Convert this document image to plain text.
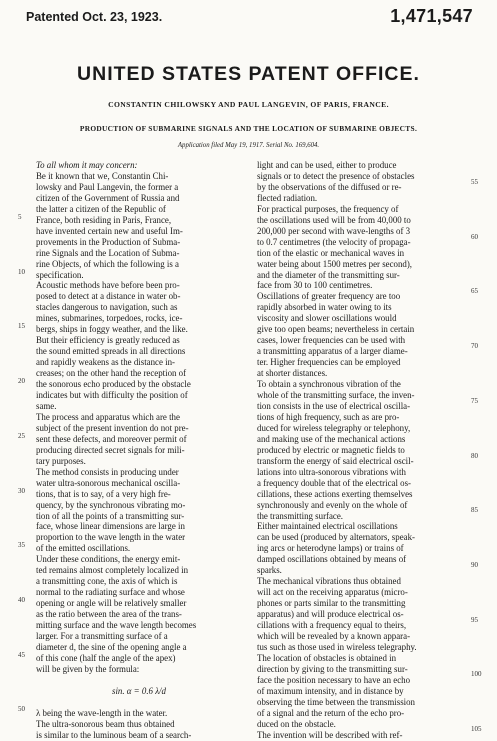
Patented Oct. 23, 1923.	1,471,547
UNITED STATES PATENT OFFICE.
CONSTANTIN CHILOWSKY AND PAUL LANGEVIN, OF PARIS, FRANCE.
PRODUCTION OF SUBMARINE SIGNALS AND THE LOCATION OF SUBMARINE OBJECTS.
Application filed May 19, 1917. Serial No. 169,604.

To all whom it may concern:

Be it known that we, Constantin Chi-

lowsky and Paul Langevin, the former a

citizen of the Government of Russia and

the latter a citizen of the Republic of

France, both residing in Paris, France,

have invented certain new and useful Im-

provements in the Production of Subma-

rine Signals and the Location of Subma-

rine Objects, of which the following is a

specification.

Acoustic methods have before been pro-

posed to detect at a distance in water ob-

stacles dangerous to navigation, such as

mines, submarines, torpedoes, rocks, ice-

bergs, ships in foggy weather, and the like.

But their efficiency is greatly reduced as

the sound emitted spreads in all directions

and rapidly weakens as the distance in-

creases; on the other hand the reception of

the sonorous echo produced by the obstacle

indicates but with difficulty the position of

same.

The process and apparatus which are the

subject of the present invention do not pre-

sent these defects, and moreover permit of

producing directed secret signals for mili-

tary purposes.

The method consists in producing under

water ultra-sonorous mechanical oscilla-

tions, that is to say, of a very high fre-

quency, by the synchronous vibrating mo-

tion of all the points of a transmitting sur-

face, whose linear dimensions are large in

proportion to the wave length in the water

of the emitted oscillations.

Under these conditions, the energy emit-

ted remains almost completely localized in

a transmitting cone, the axis of which is

normal to the radiating surface and whose

opening or angle will be relatively smaller

as the ratio between the area of the trans-

mitting surface and the wave length becomes

larger. For a transmitting surface of a

diameter d, the sine of the opening angle a

of this cone (half the angle of the apex)

will be given by the formula:

sin. α = 0.6 λ/d

λ being the wave-length in the water.

The ultra-sonorous beam thus obtained

is similar to the luminous beam of a search-

light and can be used, either to produce

signals or to detect the presence of obstacles

by the observations of the diffused or re-

flected radiation.

For practical purposes, the frequency of

the oscillations used will be from 40,000 to

200,000 per second with wave-lengths of 3

to 0.7 centimetres (the velocity of propaga-

tion of the elastic or mechanical waves in

water being about 1500 metres per second),

and the diameter of the transmitting sur-

face from 30 to 100 centimetres.

Oscillations of greater frequency are too

rapidly absorbed in water owing to its

viscosity and slower oscillations would

give too open beams; nevertheless in certain

cases, lower frequencies can be used with

a transmitting apparatus of a larger diame-

ter. Higher frequencies can be employed

at shorter distances.

To obtain a synchronous vibration of the

whole of the transmitting surface, the inven-

tion consists in the use of electrical oscilla-

tions of high frequency, such as are pro-

duced for wireless telegraphy or telephony,

and making use of the mechanical actions

produced by electric or magnetic fields to

transform the energy of said electrical oscil-

lations into ultra-sonorous vibrations with

a frequency double that of the electrical os-

cillations, these actions exerting themselves

synchronously and evenly on the whole of

the transmitting surface.

Either maintained electrical oscillations

can be used (produced by alternators, speak-

ing arcs or heterodyne lamps) or trains of

damped oscillations obtained by means of

sparks.

The mechanical vibrations thus obtained

will act on the receiving apparatus (micro-

phones or parts similar to the transmitting

apparatus) and will produce electrical os-

cillations with a frequency equal to theirs,

which will be revealed by a known appara-

tus such as those used in wireless telegraphy.

The location of obstacles is obtained in

direction by giving to the transmitting sur-

face the position necessary to have an echo

of maximum intensity, and in distance by

observing the time between the transmission

of a signal and the return of the echo pro-

duced on the obstacle.

The invention will be described with ref-

5
10
15
20
25
30
35
40
45
50
55
60
65
70
75
80
85
90
95
100
105
